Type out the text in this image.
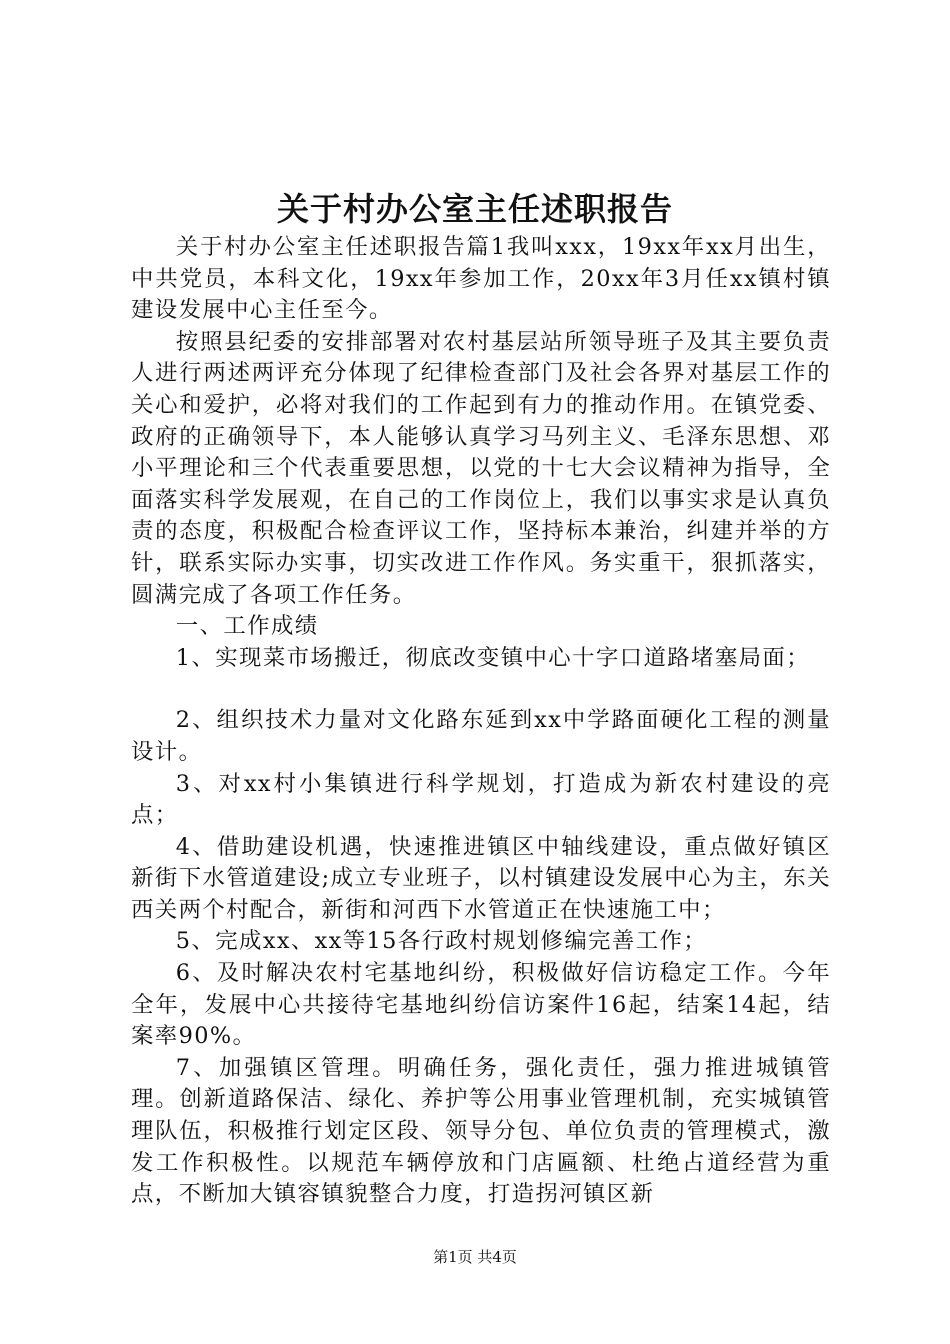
关于村办公室主任述职报告

关于村办公室主任述职报告篇1我叫xxx，19xx年xx月出生，中共党员，本科文化，19xx年参加工作，20xx年3月任xx镇村镇建设发展中心主任至今。

按照县纪委的安排部署对农村基层站所领导班子及其主要负责人进行两述两评充分体现了纪律检查部门及社会各界对基层工作的关心和爱护，必将对我们的工作起到有力的推动作用。在镇党委、政府的正确领导下，本人能够认真学习马列主义、毛泽东思想、邓小平理论和三个代表重要思想，以党的十七大会议精神为指导，全面落实科学发展观，在自己的工作岗位上，我们以事实求是认真负责的态度，积极配合检查评议工作，坚持标本兼治，纠建并举的方针，联系实际办实事，切实改进工作作风。务实重干，狠抓落实，圆满完成了各项工作任务。

一、工作成绩

1、实现菜市场搬迁，彻底改变镇中心十字口道路堵塞局面；

2、组织技术力量对文化路东延到xx中学路面硬化工程的测量设计。

3、对xx村小集镇进行科学规划，打造成为新农村建设的亮点；

4、借助建设机遇，快速推进镇区中轴线建设，重点做好镇区新街下水管道建设;成立专业班子，以村镇建设发展中心为主，东关西关两个村配合，新街和河西下水管道正在快速施工中；

5、完成xx、xx等15各行政村规划修编完善工作；

6、及时解决农村宅基地纠纷，积极做好信访稳定工作。今年全年，发展中心共接待宅基地纠纷信访案件16起，结案14起，结案率90%。

7、加强镇区管理。明确任务，强化责任，强力推进城镇管理。创新道路保洁、绿化、养护等公用事业管理机制，充实城镇管理队伍，积极推行划定区段、领导分包、单位负责的管理模式，激发工作积极性。以规范车辆停放和门店匾额、杜绝占道经营为重点，不断加大镇容镇貌整合力度，打造拐河镇区新

第1页 共4页
